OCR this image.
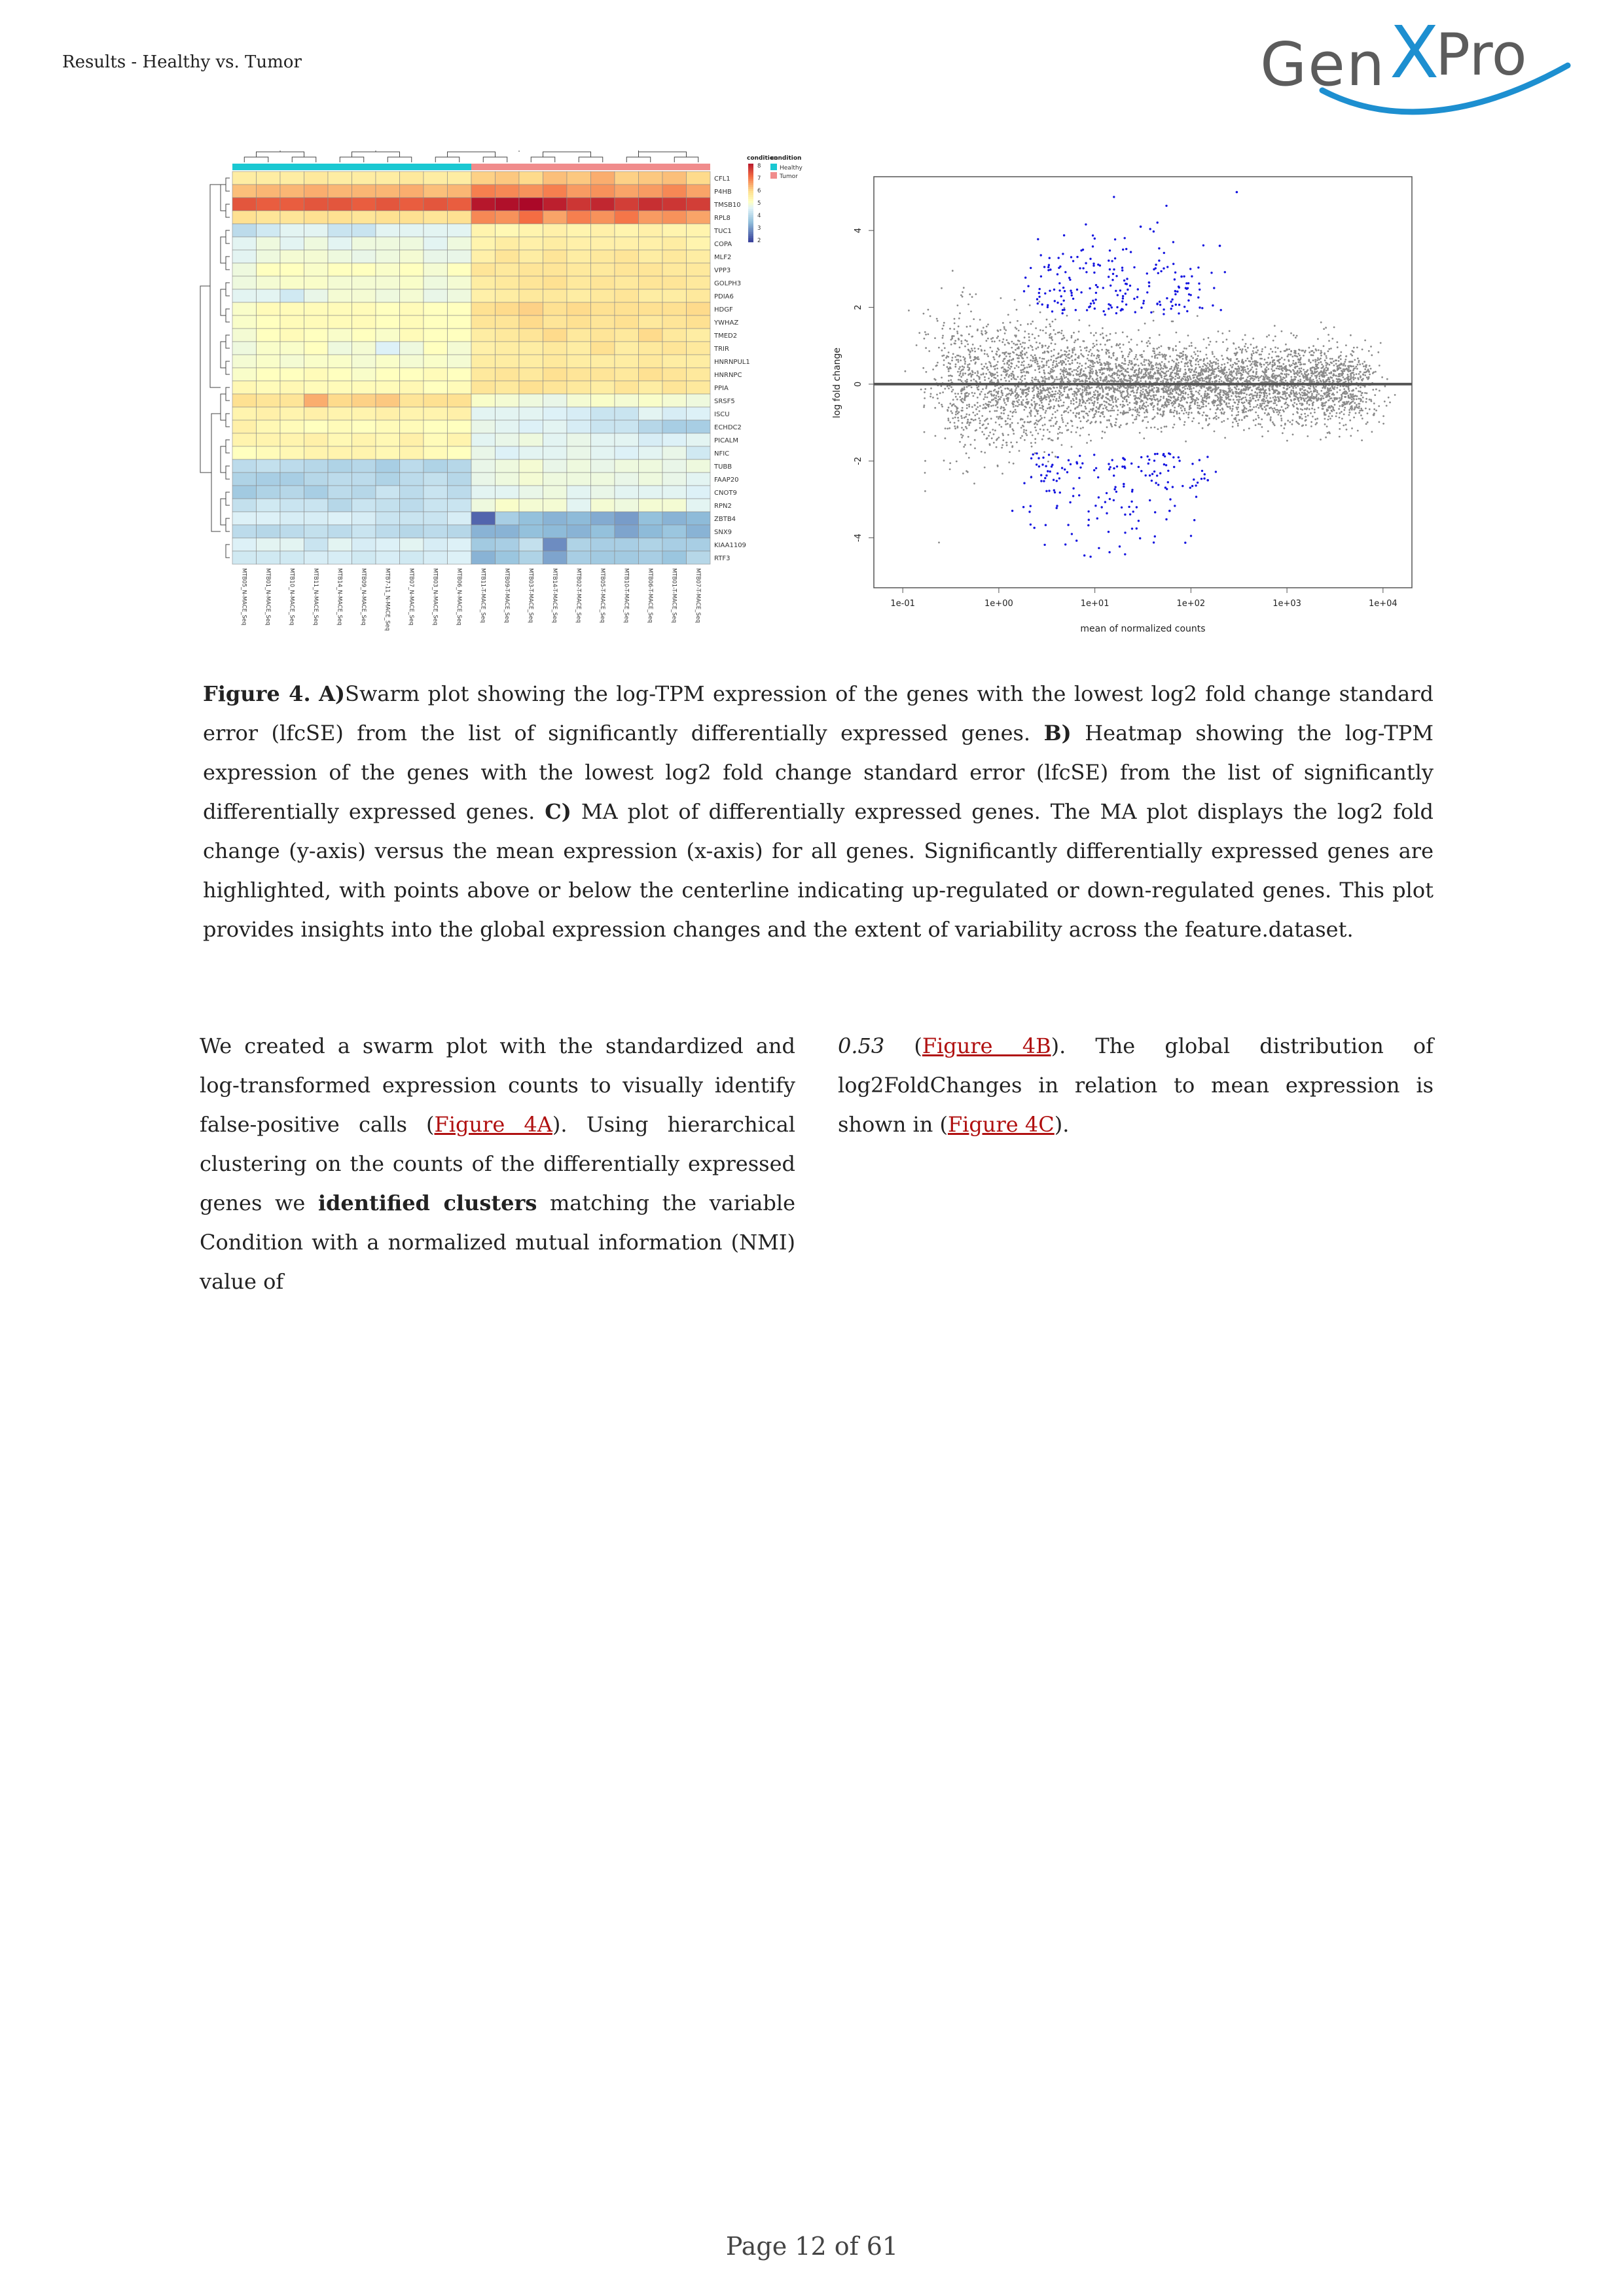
Results - Healthy vs. Tumor	Gen X
Pro
CFL1
P4HB
TMSB10
RPL8
TUC1
COPA
MLF2
VPP3
GOLPH3
PDIA6
HDGF
YWHAZ
TMED2
TRIR
HNRNPUL1
HNRNPC
PPIA
SRSF5
ISCU
ECHDC2
PICALM
NFIC
TUBB
FAAP20
CNOT9
RPN2
ZBTB4
SNX9
KIAA1109
RTF3
MTB05_N-MACE_Seq	MTB01_N-MACE_Seq	MTB10_N-MACE_Seq	MTB11_N-MACE_Seq	MTB14_N-MACE_Seq	MTB09_N-MACE_Seq	MTB7-11_N-MACE_Seq	MTB07_N-MACE_Seq	MTB03_N-MACE_Seq	MTB06_N-MACE_Seq	MTB11-T-MACE_Seq	MTB09-T-MACE_Seq	MTB03-T-MACE_Seq	MTB14-T-MACE_Seq	MTB02-T-MACE_Seq	MTB05-T-MACE_Seq	MTB10-T-MACE_Seq	MTB06-T-MACE_Seq	MTB01-T-MACE_Seq	MTB07-T-MACE_Seq
condition
8
7
6
5
4
3
2
condition
Healthy
Tumor
1e-01	1e+00	1e+01	1e+02	1e+03	1e+04
4
2
0
-2
-4
mean of normalized counts
log fold change
Figure 4. A)Swarm plot showing the log-TPM expression of the genes with the lowest log2 fold change standard error (lfcSE) from the list of significantly differentially expressed genes. B) Heatmap showing the log-TPM expression of the genes with the lowest log2 fold change standard error (lfcSE) from the list of significantly differentially expressed genes. C) MA plot of differentially expressed genes. The MA plot displays the log2 fold change (y-axis) versus the mean expression (x-axis) for all genes. Significantly differentially expressed genes are highlighted, with points above or below the centerline indicating up-regulated or down-regulated genes. This plot provides insights into the global expression changes and the extent of variability across the feature.dataset.
We created a swarm plot with the standardized and log-transformed expression counts to visually identify false-positive calls (Figure 4A). Using hierarchical clustering on the counts of the differentially expressed genes we identified clusters matching the variable Condition with a normalized mutual information (NMI) value of
0.53 (Figure 4B). The global distribution of log2FoldChanges in relation to mean expression is shown in (Figure 4C).
Page 12 of 61
